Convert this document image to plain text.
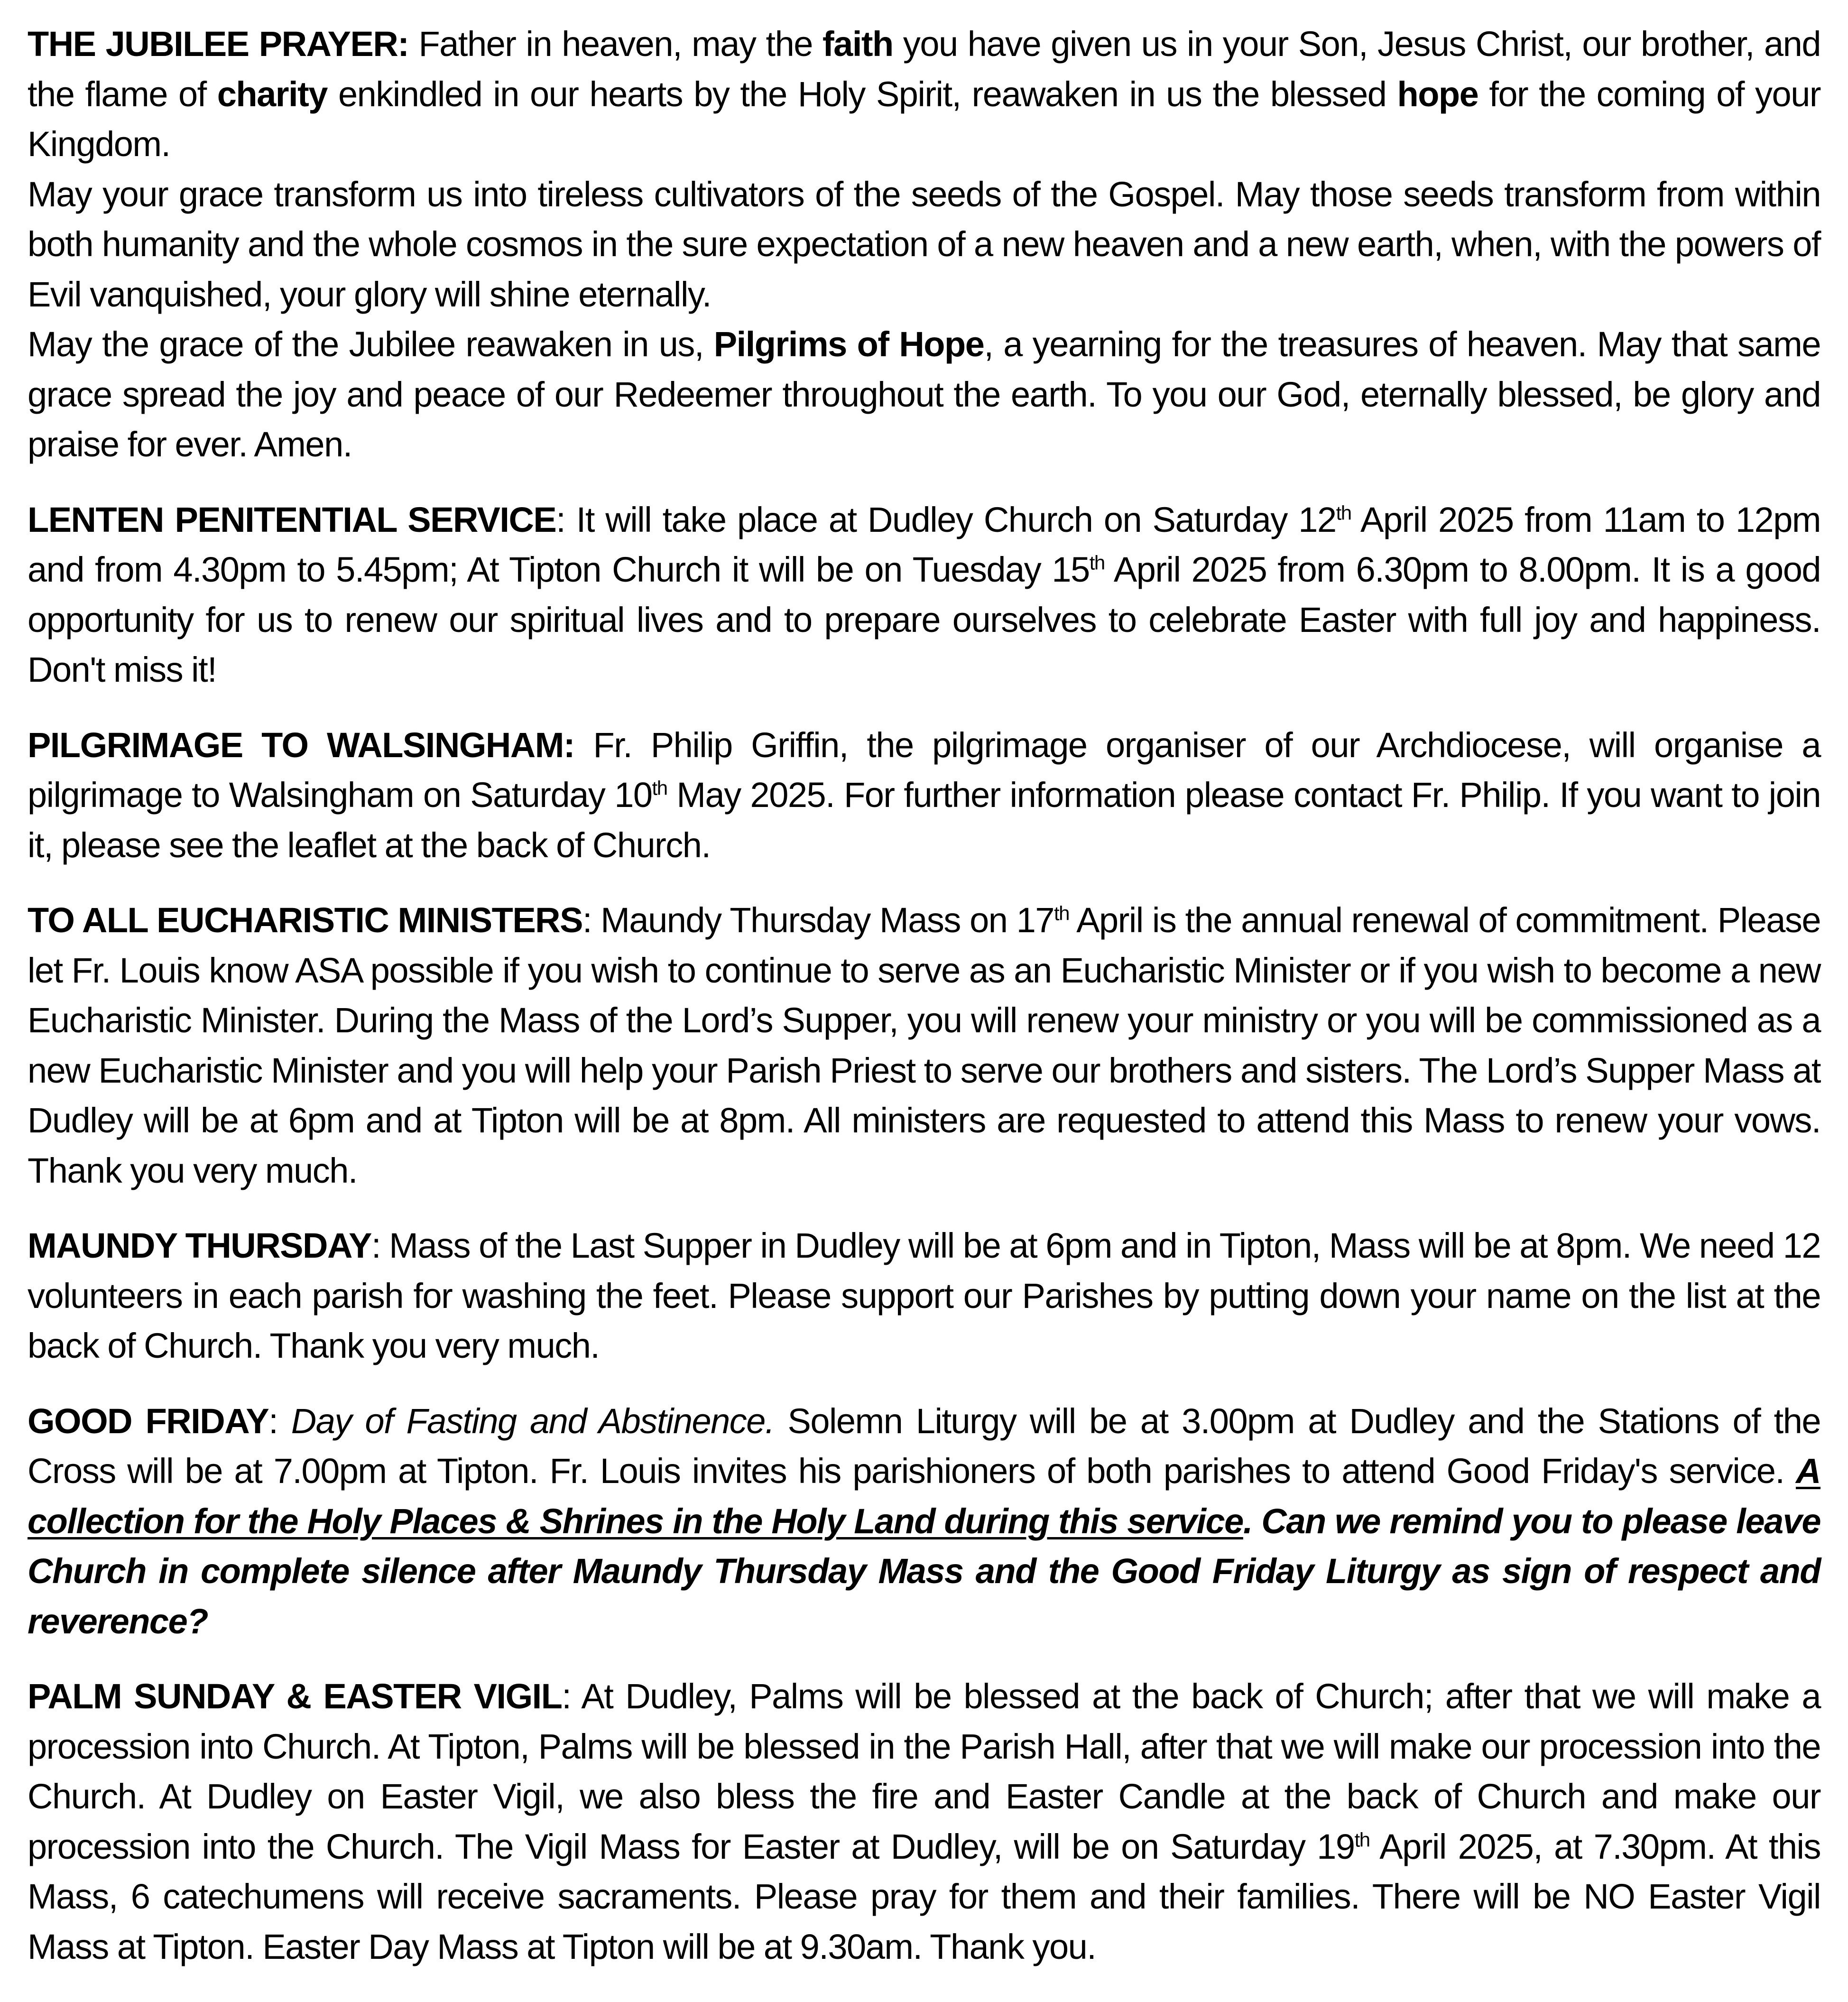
THE JUBILEE PRAYER: Father in heaven, may the faith you have given us in your Son, Jesus Christ, our brother, and the flame of charity enkindled in our hearts by the Holy Spirit, reawaken in us the blessed hope for the coming of your Kingdom.

May your grace transform us into tireless cultivators of the seeds of the Gospel. May those seeds transform from within both humanity and the whole cosmos in the sure expectation of a new heaven and a new earth, when, with the powers of Evil vanquished, your glory will shine eternally.

May the grace of the Jubilee reawaken in us, Pilgrims of Hope, a yearning for the treasures of heaven. May that same grace spread the joy and peace of our Redeemer throughout the earth. To you our God, eternally blessed, be glory and praise for ever. Amen.

LENTEN PENITENTIAL SERVICE: It will take place at Dudley Church on Saturday 12th April 2025 from 11am to 12pm and from 4.30pm to 5.45pm; At Tipton Church it will be on Tuesday 15th April 2025 from 6.30pm to 8.00pm. It is a good opportunity for us to renew our spiritual lives and to prepare ourselves to celebrate Easter with full joy and happiness. Don't miss it!

PILGRIMAGE TO WALSINGHAM: Fr. Philip Griffin, the pilgrimage organiser of our Archdiocese, will organise a pilgrimage to Walsingham on Saturday 10th May 2025. For further information please contact Fr. Philip. If you want to join it, please see the leaflet at the back of Church.

TO ALL EUCHARISTIC MINISTERS: Maundy Thursday Mass on 17th April is the annual renewal of commitment. Please let Fr. Louis know ASA possible if you wish to continue to serve as an Eucharistic Minister or if you wish to become a new Eucharistic Minister. During the Mass of the Lord’s Supper, you will renew your ministry or you will be commissioned as a new Eucharistic Minister and you will help your Parish Priest to serve our brothers and sisters. The Lord’s Supper Mass at Dudley will be at 6pm and at Tipton will be at 8pm. All ministers are requested to attend this Mass to renew your vows. Thank you very much.

MAUNDY THURSDAY: Mass of the Last Supper in Dudley will be at 6pm and in Tipton, Mass will be at 8pm. We need 12 volunteers in each parish for washing the feet. Please support our Parishes by putting down your name on the list at the back of Church. Thank you very much.

GOOD FRIDAY: Day of Fasting and Abstinence. Solemn Liturgy will be at 3.00pm at Dudley and the Stations of the Cross will be at 7.00pm at Tipton. Fr. Louis invites his parishioners of both parishes to attend Good Friday's service. A collection for the Holy Places & Shrines in the Holy Land during this service. Can we remind you to please leave Church in complete silence after Maundy Thursday Mass and the Good Friday Liturgy as sign of respect and reverence?

PALM SUNDAY & EASTER VIGIL: At Dudley, Palms will be blessed at the back of Church; after that we will make a procession into Church. At Tipton, Palms will be blessed in the Parish Hall, after that we will make our procession into the Church. At Dudley on Easter Vigil, we also bless the fire and Easter Candle at the back of Church and make our procession into the Church. The Vigil Mass for Easter at Dudley, will be on Saturday 19th April 2025, at 7.30pm. At this Mass, 6 catechumens will receive sacraments. Please pray for them and their families. There will be NO Easter Vigil Mass at Tipton. Easter Day Mass at Tipton will be at 9.30am. Thank you.
